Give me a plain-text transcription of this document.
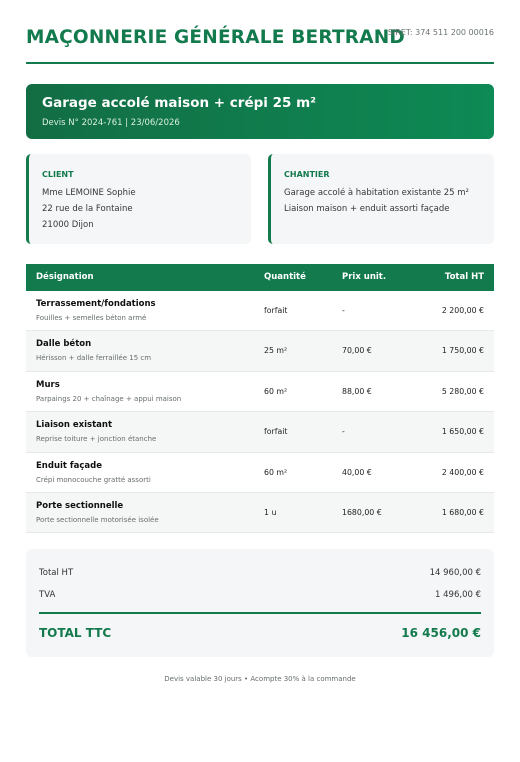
MAÇONNERIE GÉNÉRALE BERTRAND
SIRET: 374 511 200 00016
Garage accolé maison + crépi 25 m²
Devis N° 2024-761 | 23/06/2026
CLIENT
Mme LEMOINE Sophie
22 rue de la Fontaine
21000 Dijon
CHANTIER
Garage accolé à habitation existante 25 m²
Liaison maison + enduit assorti façade
Désignation	Quantité	Prix unit.	Total HT
Terrassement/fondations
Fouilles + semelles béton armé
forfait	-	2 200,00 €
Dalle béton
Hérisson + dalle ferraillée 15 cm
25 m²	70,00 €	1 750,00 €
Murs
Parpaings 20 + chaînage + appui maison
60 m²	88,00 €	5 280,00 €
Liaison existant
Reprise toiture + jonction étanche
forfait	-	1 650,00 €
Enduit façade
Crépi monocouche gratté assorti
60 m²	40,00 €	2 400,00 €
Porte sectionnelle
Porte sectionnelle motorisée isolée
1 u	1680,00 €	1 680,00 €
Total HT	14 960,00 €
TVA	1 496,00 €
TOTAL TTC	16 456,00 €
Devis valable 30 jours • Acompte 30% à la commande
